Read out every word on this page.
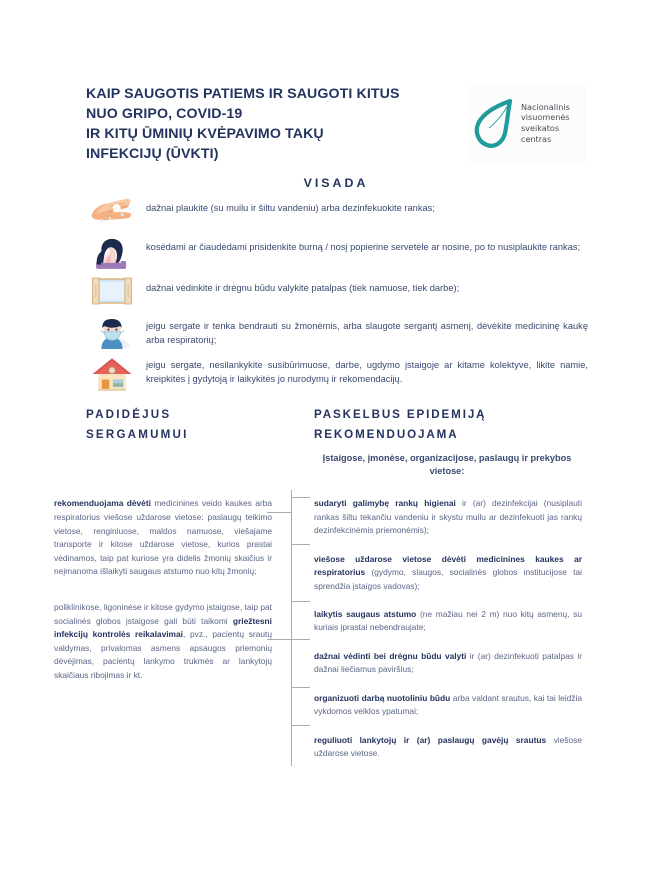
KAIP SAUGOTIS PATIEMS IR SAUGOTI KITUS
NUO GRIPO, COVID-19
IR KITŲ ŪMINIŲ KVĖPAVIMO TAKŲ
INFEKCIJŲ (ŪVKTI)
Nacionalinis
visuomenės
sveikatos
centras
VISADA
dažnai plaukite (su muilu ir šiltu vandeniu) arba dezinfekuokite rankas;
kosėdami ar čiaudėdami prisidenkite burną / nosį popierine servetėle ar nosine, po to nusiplaukite rankas;
dažnai vėdinkite ir drėgnu būdu valykite patalpas (tiek namuose, tiek darbe);
jeigu sergate ir tenka bendrauti su žmonėmis, arba slaugote sergantį asmenį, dėvėkite medicininę kaukę arba respiratorių;
jeigu sergate, nesilankykite susibūrimuose, darbe, ugdymo įstaigoje ar kitame kolektyve, likite namie, kreipkitės į gydytoją ir laikykitės jo nurodymų ir rekomendacijų.
PADIDĖJUS
SERGAMUMUI
PASKELBUS EPIDEMIJĄ
REKOMENDUOJAMA
Įstaigose, įmonėse, organizacijose, paslaugų ir prekybos vietose:

rekomenduojama dėvėti medicinines veido kaukes arba respiratorius viešose uždarose vietose: paslaugų teikimo vietose, renginiuose, maldos namuose, viešajame transporte ir kitose uždarose vietose, kurios prastai vėdinamos, taip pat kuriose yra didelis žmonių skaičius ir neįmanoma išlaikyti saugaus atstumo nuo kitų žmonių;

poliklinikose, ligoninėse ir kitose gydymo įstaigose, taip pat socialinės globos įstaigose gali būti taikomi griežtesni infekcijų kontrolės reikalavimai, pvz., pacientų srautų valdymas, privalomas asmens apsaugos priemonių dėvėjimas, pacientų lankymo trukmės ar lankytojų skaičiaus ribojimas ir kt.

sudaryti galimybę rankų higienai ir (ar) dezinfekcijai (nusiplauti rankas šiltu tekančiu vandeniu ir skystu muilu ar dezinfekuoti jas rankų dezinfekcinėmis priemonėmis);

viešose uždarose vietose dėvėti medicinines kaukes ar respiratorius (gydymo, slaugos, socialinės globos institucijose tai sprendžia įstaigos vadovas);

laikytis saugaus atstumo (ne mažiau nei 2 m) nuo kitų asmenų, su kuriais įprastai nebendraujate;

dažnai vėdinti bei drėgnu būdu valyti ir (ar) dezinfekuoti patalpas ir dažnai liečiamus paviršius;

organizuoti darbą nuotoliniu būdu arba valdant srautus, kai tai leidžia vykdomos veiklos ypatumai;

reguliuoti lankytojų ir (ar) paslaugų gavėjų srautus viešose uždarose vietose.
